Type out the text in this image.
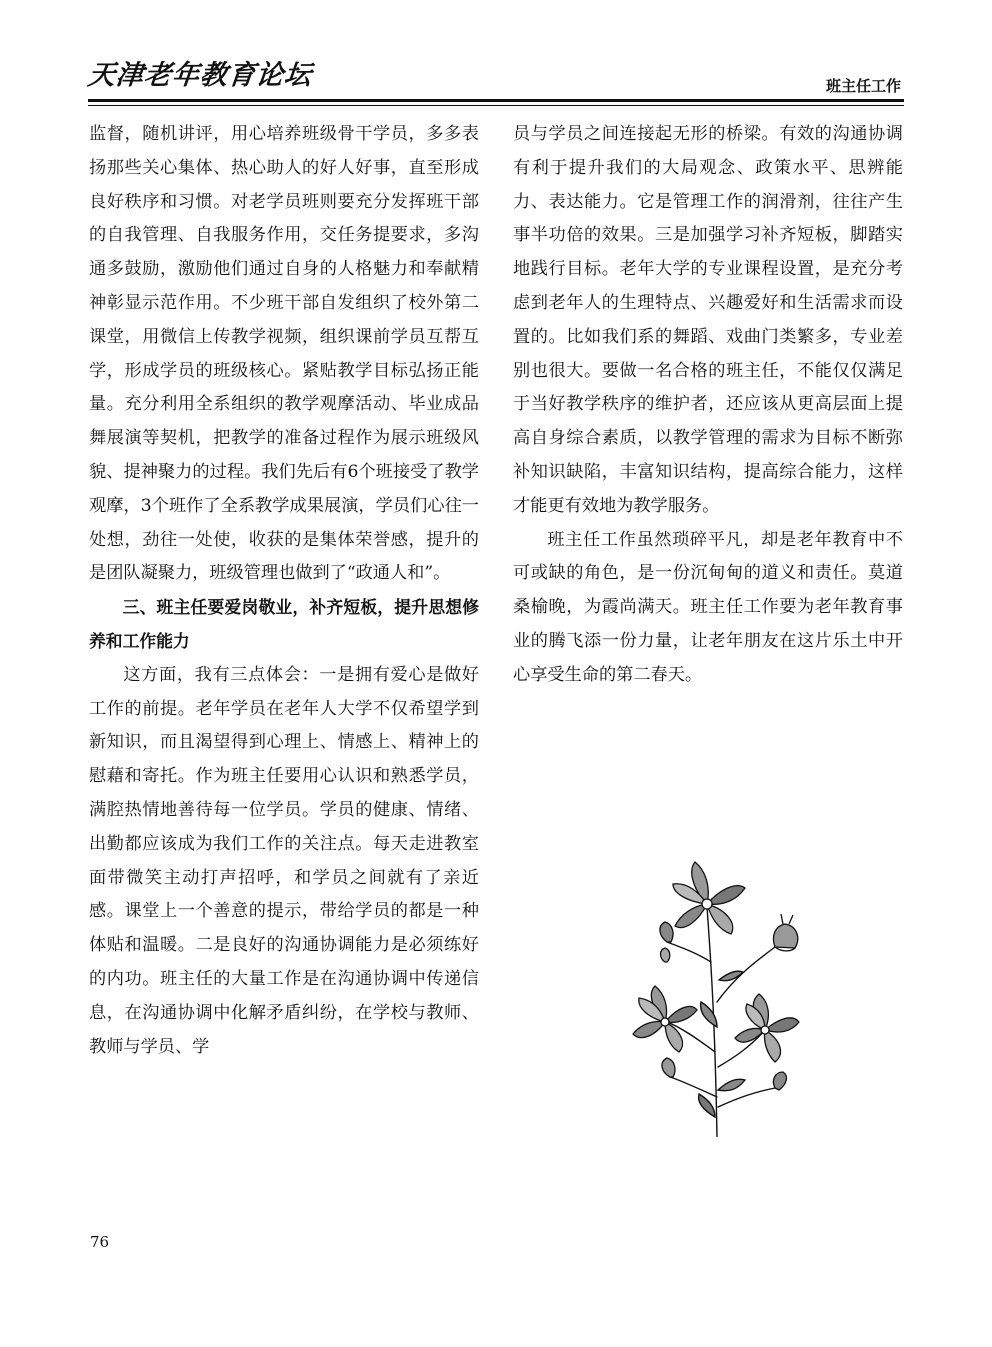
天津老年教育论坛	班主任工作

监督，随机讲评，用心培养班级骨干学员，多多表扬那些关心集体、热心助人的好人好事，直至形成良好秩序和习惯。对老学员班则要充分发挥班干部的自我管理、自我服务作用，交任务提要求，多沟通多鼓励，激励他们通过自身的人格魅力和奉献精神彰显示范作用。不少班干部自发组织了校外第二课堂，用微信上传教学视频，组织课前学员互帮互学，形成学员的班级核心。紧贴教学目标弘扬正能量。充分利用全系组织的教学观摩活动、毕业成品舞展演等契机，把教学的准备过程作为展示班级风貌、提神聚力的过程。我们先后有6个班接受了教学观摩，3个班作了全系教学成果展演，学员们心往一处想，劲往一处使，收获的是集体荣誉感，提升的是团队凝聚力，班级管理也做到了“政通人和”。

三、班主任要爱岗敬业，补齐短板，提升思想修养和工作能力

这方面，我有三点体会：一是拥有爱心是做好工作的前提。老年学员在老年人大学不仅希望学到新知识，而且渴望得到心理上、情感上、精神上的慰藉和寄托。作为班主任要用心认识和熟悉学员，满腔热情地善待每一位学员。学员的健康、情绪、出勤都应该成为我们工作的关注点。每天走进教室面带微笑主动打声招呼，和学员之间就有了亲近感。课堂上一个善意的提示，带给学员的都是一种体贴和温暖。二是良好的沟通协调能力是必须练好的内功。班主任的大量工作是在沟通协调中传递信息，在沟通协调中化解矛盾纠纷，在学校与教师、教师与学员、学

员与学员之间连接起无形的桥梁。有效的沟通协调有利于提升我们的大局观念、政策水平、思辨能力、表达能力。它是管理工作的润滑剂，往往产生事半功倍的效果。三是加强学习补齐短板，脚踏实地践行目标。老年大学的专业课程设置，是充分考虑到老年人的生理特点、兴趣爱好和生活需求而设置的。比如我们系的舞蹈、戏曲门类繁多，专业差别也很大。要做一名合格的班主任，不能仅仅满足于当好教学秩序的维护者，还应该从更高层面上提高自身综合素质，以教学管理的需求为目标不断弥补知识缺陷，丰富知识结构，提高综合能力，这样才能更有效地为教学服务。

班主任工作虽然琐碎平凡，却是老年教育中不可或缺的角色，是一份沉甸甸的道义和责任。莫道桑榆晚，为霞尚满天。班主任工作要为老年教育事业的腾飞添一份力量，让老年朋友在这片乐土中开心享受生命的第二春天。

76
